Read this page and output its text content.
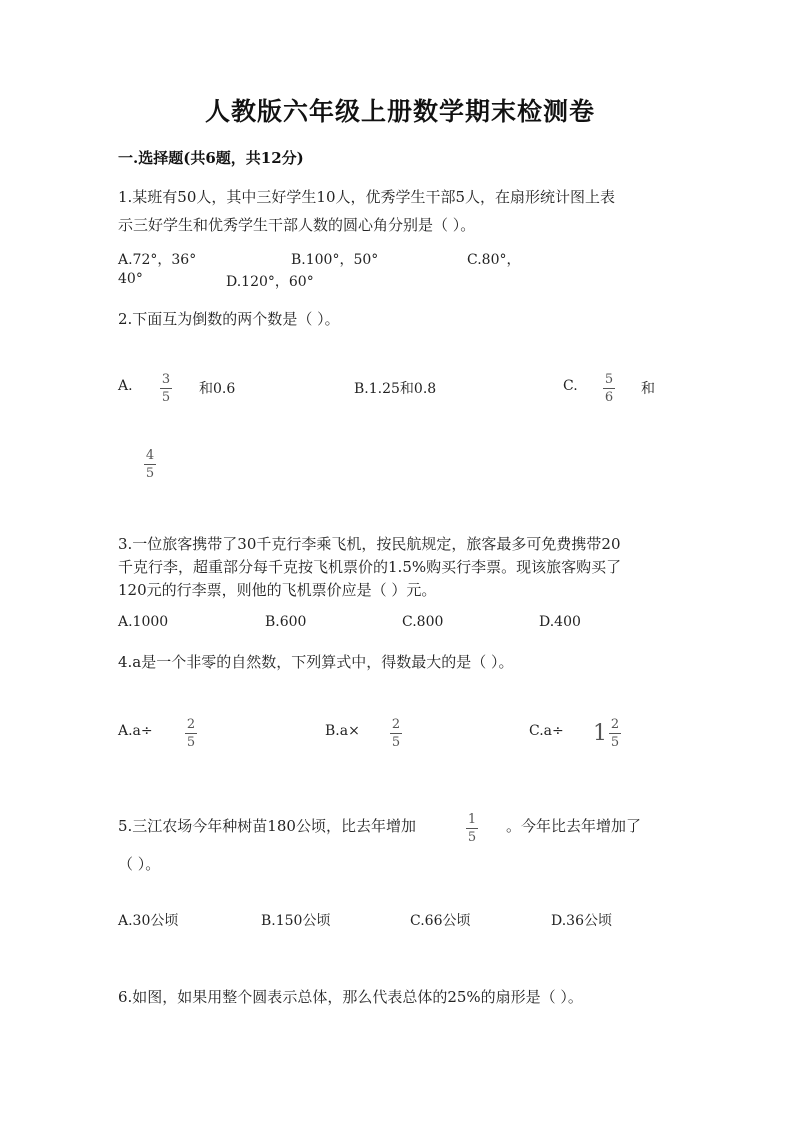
人教版六年级上册数学期末检测卷
一.选择题(共6题，共12分)
1.某班有50人，其中三好学生10人，优秀学生干部5人，在扇形统计图上表
示三好学生和优秀学生干部人数的圆心角分别是（ ）。
A.72°，36°	B.100°，50°	C.80°，
40°	D.120°，60°
2.下面互为倒数的两个数是（ ）。
A. 3
5
和0.6	B.1.25和0.8	C. 5
6
和
4
5
3.一位旅客携带了30千克行李乘飞机，按民航规定，旅客最多可免费携带20
千克行李，超重部分每千克按飞机票价的1.5%购买行李票。现该旅客购买了
120元的行李票，则他的飞机票价应是（ ）元。
A.1000	B.600	C.800	D.400
4.a是一个非零的自然数，下列算式中，得数最大的是（ ）。
A.a÷	2
5
B.a× 2
5
$C.a\div 1 \frac{2}{5}$
5.三江农场今年种树苗180公顷，比去年增加	1
5
。今年比去年增加了
（ ）。
A.30公顷	B.150公顷	C.66公顷	D.36公顷
6.如图，如果用整个圆表示总体，那么代表总体的25%的扇形是（ ）。
